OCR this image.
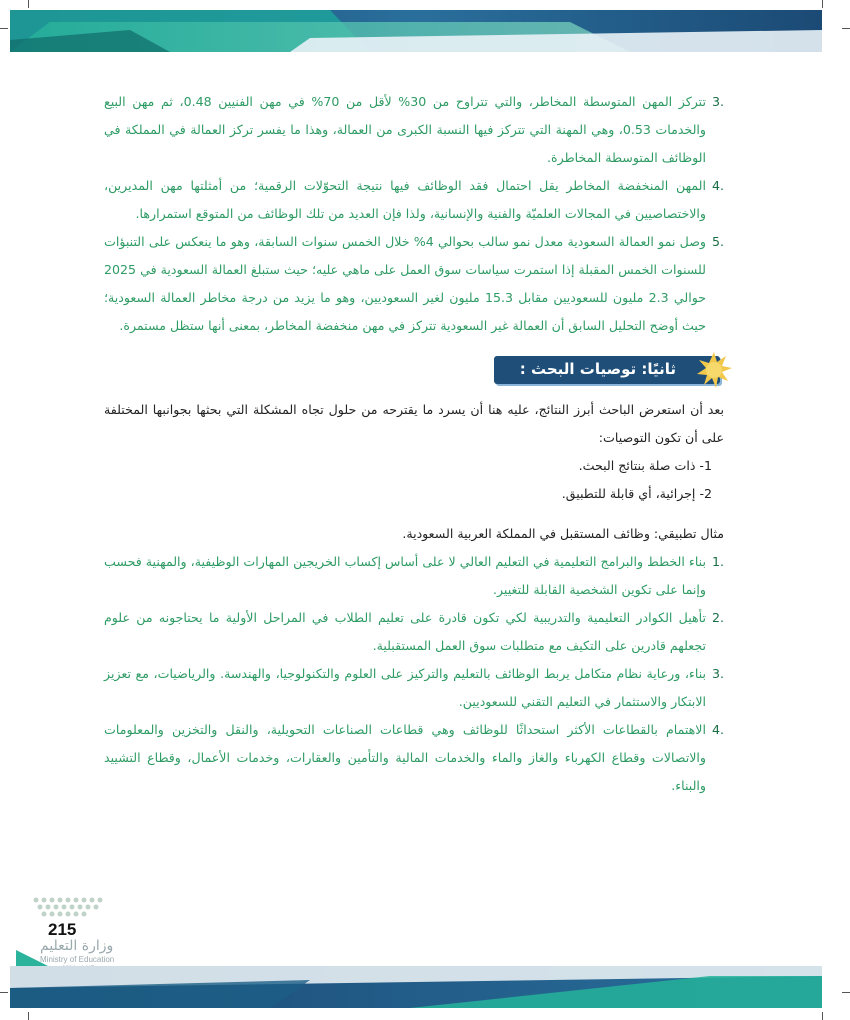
.3
تتركز المهن المتوسطة المخاطر، والتي تتراوح من 30% لأقل من 70% في مهن الفنيين 0.48، ثم مهن البيع والخدمات 0.53، وهي المهنة التي تتركز فيها النسبة الكبرى من العمالة، وهذا ما يفسر تركز العمالة في المملكة في الوظائف المتوسطة المخاطرة.
.4
المهن المنخفضة المخاطر يقل احتمال فقد الوظائف فيها نتيجة التحوّلات الرقمية؛ من أمثلتها مهن المديرين، والاختصاصيين في المجالات العلميّة والفنية والإنسانية، ولذا فإن العديد من تلك الوظائف من المتوقع استمرارها.
.5
وصل نمو العمالة السعودية معدل نمو سالب بحوالي 4% خلال الخمس سنوات السابقة، وهو ما ينعكس على التنبؤات للسنوات الخمس المقبلة إذا استمرت سياسات سوق العمل على ماهي عليه؛ حيث ستبلغ العمالة السعودية في 2025 حوالي 2.3 مليون للسعوديين مقابل 15.3 مليون لغير السعوديين، وهو ما يزيد من درجة مخاطر العمالة السعودية؛ حيث أوضح التحليل السابق أن العمالة غير السعودية تتركز في مهن منخفضة المخاطر، بمعنى أنها ستظل مستمرة.
ثانيًا: توصيات البحث :
بعد أن استعرض الباحث أبرز النتائج، عليه هنا أن يسرد ما يقترحه من حلول تجاه المشكلة التي بحثها بجوانبها المختلفة على أن تكون التوصيات:
1- ذات صلة بنتائج البحث.
2- إجرائية، أي قابلة للتطبيق.
مثال تطبيقي: وظائف المستقبل في المملكة العربية السعودية.
.1
بناء الخطط والبرامج التعليمية في التعليم العالي لا على أساس إكساب الخريجين المهارات الوظيفية، والمهنية فحسب وإنما على تكوين الشخصية القابلة للتغيير.
.2
تأهيل الكوادر التعليمية والتدريبية لكي تكون قادرة على تعليم الطلاب في المراحل الأولية ما يحتاجونه من علوم تجعلهم قادرين على التكيف مع متطلبات سوق العمل المستقبلية.
.3
بناء، ورعاية نظام متكامل يربط الوظائف بالتعليم والتركيز على العلوم والتكنولوجيا، والهندسة. والرياضيات، مع تعزيز الابتكار والاستثمار في التعليم التقني للسعوديين.
.4
الاهتمام بالقطاعات الأكثر استحداثًا للوظائف وهي قطاعات الصناعات التحويلية، والنقل والتخزين والمعلومات والاتصالات وقطاع الكهرباء والغاز والماء والخدمات المالية والتأمين والعقارات، وخدمات الأعمال، وقطاع التشييد والبناء.
215
وزارة التعليم
Ministry of Education
